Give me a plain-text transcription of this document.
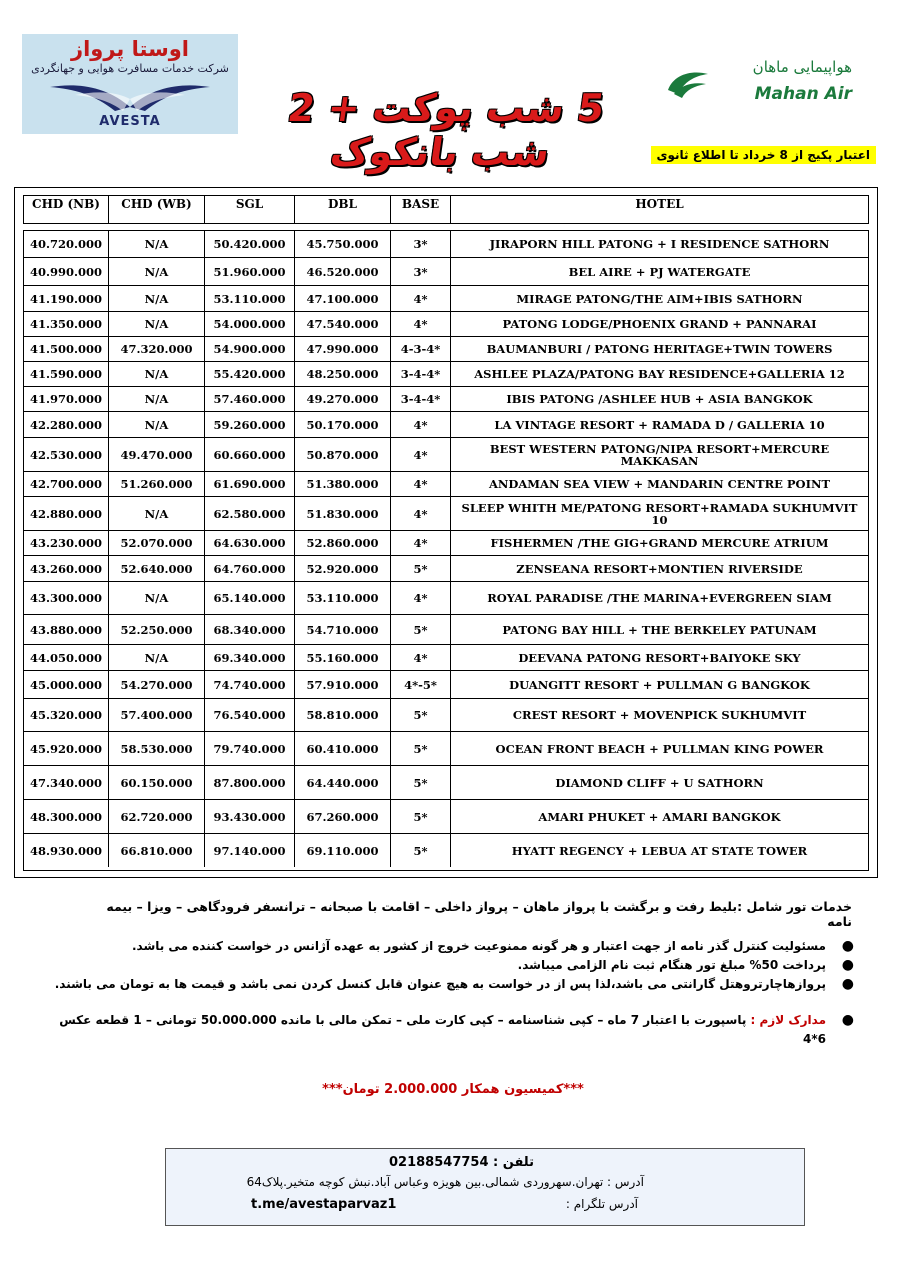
اوستا پرواز
شرکت خدمات مسافرت هوایی و جهانگردی
AVESTA	5 شب پوکت + 2 شب بانکوک
هواپیمایی ماهان
Mahan Air
اعتبار پکیج از 8 خرداد تا اطلاع ثانوی
CHD (NB)	CHD (WB)	SGL	DBL	BASE	HOTEL
40.720.000	N/A	50.420.000	45.750.000	3*	JIRAPORN HILL PATONG + I RESIDENCE SATHORN
40.990.000	N/A	51.960.000	46.520.000	3*	BEL AIRE + PJ WATERGATE
41.190.000	N/A	53.110.000	47.100.000	4*	MIRAGE PATONG/THE AIM+IBIS SATHORN
41.350.000	N/A	54.000.000	47.540.000	4*	PATONG LODGE/PHOENIX GRAND + PANNARAI
41.500.000	47.320.000	54.900.000	47.990.000	4-3-4*	BAUMANBURI / PATONG HERITAGE+TWIN TOWERS
41.590.000	N/A	55.420.000	48.250.000	3-4-4*	ASHLEE PLAZA/PATONG BAY RESIDENCE+GALLERIA 12
41.970.000	N/A	57.460.000	49.270.000	3-4-4*	IBIS PATONG /ASHLEE HUB + ASIA BANGKOK
42.280.000	N/A	59.260.000	50.170.000	4*	LA VINTAGE RESORT + RAMADA D / GALLERIA 10
42.530.000	49.470.000	60.660.000	50.870.000	4*	BEST WESTERN PATONG/NIPA RESORT+MERCURE MAKKASAN
42.700.000	51.260.000	61.690.000	51.380.000	4*	ANDAMAN SEA VIEW + MANDARIN CENTRE POINT
42.880.000	N/A	62.580.000	51.830.000	4*	SLEEP WHITH ME/PATONG RESORT+RAMADA SUKHUMVIT 10
43.230.000	52.070.000	64.630.000	52.860.000	4*	FISHERMEN /THE GIG+GRAND MERCURE ATRIUM
43.260.000	52.640.000	64.760.000	52.920.000	5*	ZENSEANA RESORT+MONTIEN RIVERSIDE
43.300.000	N/A	65.140.000	53.110.000	4*	ROYAL PARADISE /THE MARINA+EVERGREEN SIAM
43.880.000	52.250.000	68.340.000	54.710.000	5*	PATONG BAY HILL + THE BERKELEY PATUNAM
44.050.000	N/A	69.340.000	55.160.000	4*	DEEVANA PATONG RESORT+BAIYOKE SKY
45.000.000	54.270.000	74.740.000	57.910.000	4*-5*	DUANGITT RESORT + PULLMAN G BANGKOK
45.320.000	57.400.000	76.540.000	58.810.000	5*	CREST RESORT + MOVENPICK SUKHUMVIT
45.920.000	58.530.000	79.740.000	60.410.000	5*	OCEAN FRONT BEACH + PULLMAN KING POWER
47.340.000	60.150.000	87.800.000	64.440.000	5*	DIAMOND CLIFF + U SATHORN
48.300.000	62.720.000	93.430.000	67.260.000	5*	AMARI PHUKET + AMARI BANGKOK
48.930.000	66.810.000	97.140.000	69.110.000	5*	HYATT REGENCY + LEBUA AT STATE TOWER
خدمات تور شامل :بلیط رفت و برگشت با پرواز ماهان – پرواز داخلی – اقامت با صبحانه – ترانسفر فرودگاهی – ویزا – بیمه نامه
●
مسئولیت کنترل گذر نامه از جهت اعتبار و هر گونه ممنوعیت خروج از کشور به عهده آژانس در خواست کننده می باشد.
●
پرداخت 50% مبلغ تور هنگام ثبت نام الزامی میباشد.
●
پروازهاچارتروهتل گارانتی می باشد،لذا پس از در خواست به هیچ عنوان قابل کنسل کردن نمی باشد و قیمت ها به تومان می باشند.
●
مدارک لازم : پاسپورت با اعتبار 7 ماه – کپی شناسنامه – کپی کارت ملی – تمکن مالی با مانده 50.000.000 تومانی – 1 قطعه عکس 6*4
***کمیسیون همکار 2.000.000 تومان***
تلفن : 02188547754
آدرس : تهران.سهروردی شمالی.بین هویزه وعباس آباد.نبش کوچه متخیر.پلاک64
آدرس تلگرام :
t.me/avestaparvaz1
